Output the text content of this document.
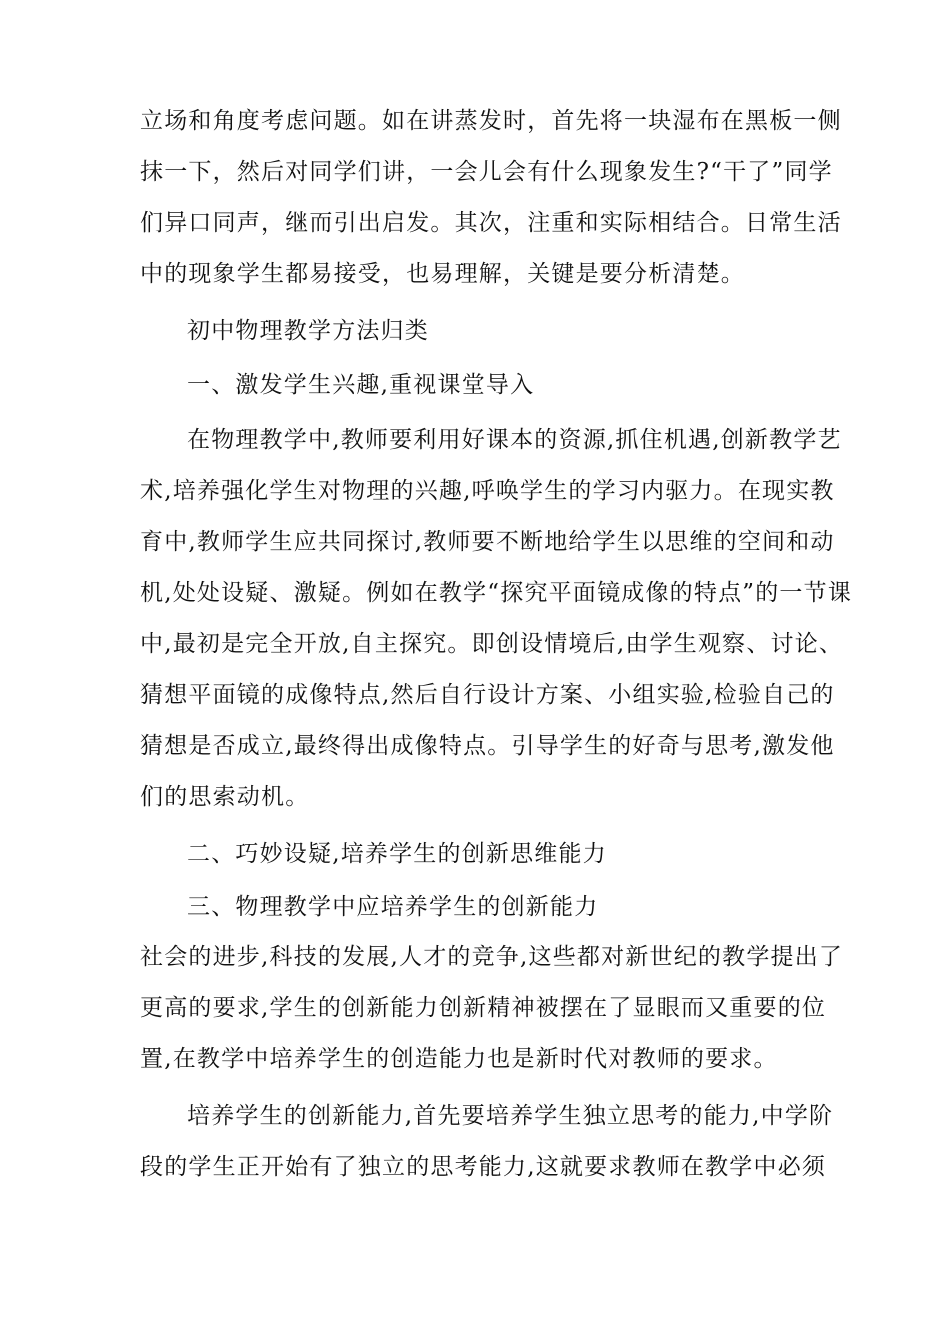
立场和角度考虑问题。如在讲蒸发时，首先将一块湿布在黑板一侧
抹一下，然后对同学们讲，一会儿会有什么现象发生?“干了”同学
们异口同声，继而引出启发。其次，注重和实际相结合。日常生活
中的现象学生都易接受，也易理解，关键是要分析清楚。
初中物理教学方法归类
一、激发学生兴趣,重视课堂导入
在物理教学中,教师要利用好课本的资源,抓住机遇,创新教学艺
术,培养强化学生对物理的兴趣,呼唤学生的学习内驱力。在现实教
育中,教师学生应共同探讨,教师要不断地给学生以思维的空间和动
机,处处设疑、激疑。例如在教学“探究平面镜成像的特点”的一节课
中,最初是完全开放,自主探究。即创设情境后,由学生观察、讨论、
猜想平面镜的成像特点,然后自行设计方案、小组实验,检验自己的
猜想是否成立,最终得出成像特点。引导学生的好奇与思考,激发他
们的思索动机。
二、巧妙设疑,培养学生的创新思维能力
三、物理教学中应培养学生的创新能力
社会的进步,科技的发展,人才的竞争,这些都对新世纪的教学提出了
更高的要求,学生的创新能力创新精神被摆在了显眼而又重要的位
置,在教学中培养学生的创造能力也是新时代对教师的要求。
培养学生的创新能力,首先要培养学生独立思考的能力,中学阶
段的学生正开始有了独立的思考能力,这就要求教师在教学中必须
